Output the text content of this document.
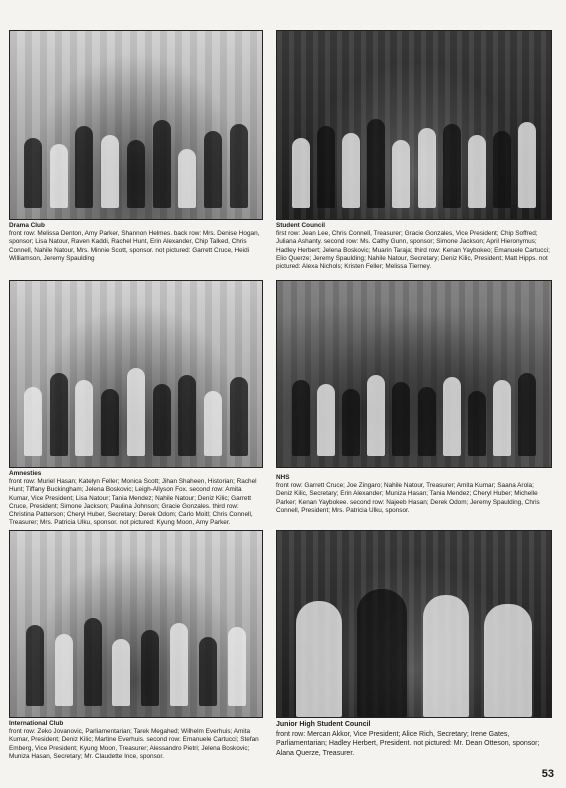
Drama Club
front row: Melissa Denton, Amy Parker, Shannon Helmes. back row: Mrs. Denise Hogan, sponsor; Lisa Natour, Raven Kaddi, Rachel Hunt, Erin Alexander, Chip Talked, Chris Connell, Nahile Natour, Mrs. Minnie Scott, sponsor. not pictured: Garrett Cruce, Heidi Williamson, Jeremy Spaulding
Student Council
first row: Jean Lee, Chris Connell, Treasurer; Gracie Gonzales, Vice President; Chip Soffred; Juliana Ashanty. second row: Ms. Cathy Gunn, sponsor; Simone Jackson; April Hieronymus; Hadley Herbert; Jelena Boskovic; Muarin Taraja; third row: Kenan Yaybokeo; Emanuele Cartucci; Elio Querze; Jeremy Spaulding; Nahile Natour, Secretary; Deniz Kilic, President; Matt Hipps. not pictured: Alexa Nichols; Kristen Feller; Melissa Tierney.
Amnesties
front row: Muriel Hasan; Katelyn Feller; Monica Scott; Jihan Shaheen, Historian; Rachel Hunt; Tiffany Buckingham; Jelena Boskovic; Leigh-Allyson Fox. second row: Amita Kumar, Vice President; Lisa Natour; Tania Mendez; Nahile Natour; Deniz Kilic; Garrett Cruce, President; Simone Jackson; Paulina Johnson; Gracie Gonzales. third row: Christina Patterson; Cheryl Huber, Secretary; Derek Odom; Carlo Moitl; Chris Connell, Treasurer; Mrs. Patricia Ulku, sponsor. not pictured: Kyung Moon, Amy Parker.
NHS
front row: Garrett Cruce; Joe Zingaro; Nahile Natour, Treasurer; Amita Kumar; Saana Arola; Deniz Kilic, Secretary; Erin Alexander; Muniza Hasan; Tania Mendez; Cheryl Huber; Michelle Parker; Kenan Yaybokee. second row: Najeeb Hasan; Derek Odom; Jeremy Spaulding, Chris Connell, President; Mrs. Patricia Ulku, sponsor.
International Club
front row: Zeko Jovanovic, Parliamentarian; Tarek Megahed; Wilhelm Everhuis; Amita Kumar, President; Deniz Kilic; Martine Everhuis. second row: Emanuele Cartucci; Stefan Emberg, Vice President; Kyung Moon, Treasurer; Alessandro Pietri; Jelena Boskovic; Muniza Hasan, Secretary; Mr. Claudette Ince, sponsor.
Junior High Student Council
front row: Mercan Akkor, Vice President; Alice Rich, Secretary; Irene Gates, Parliamentarian; Hadley Herbert, President. not pictured: Mr. Dean Otteson, sponsor; Alana Querze, Treasurer.
53
